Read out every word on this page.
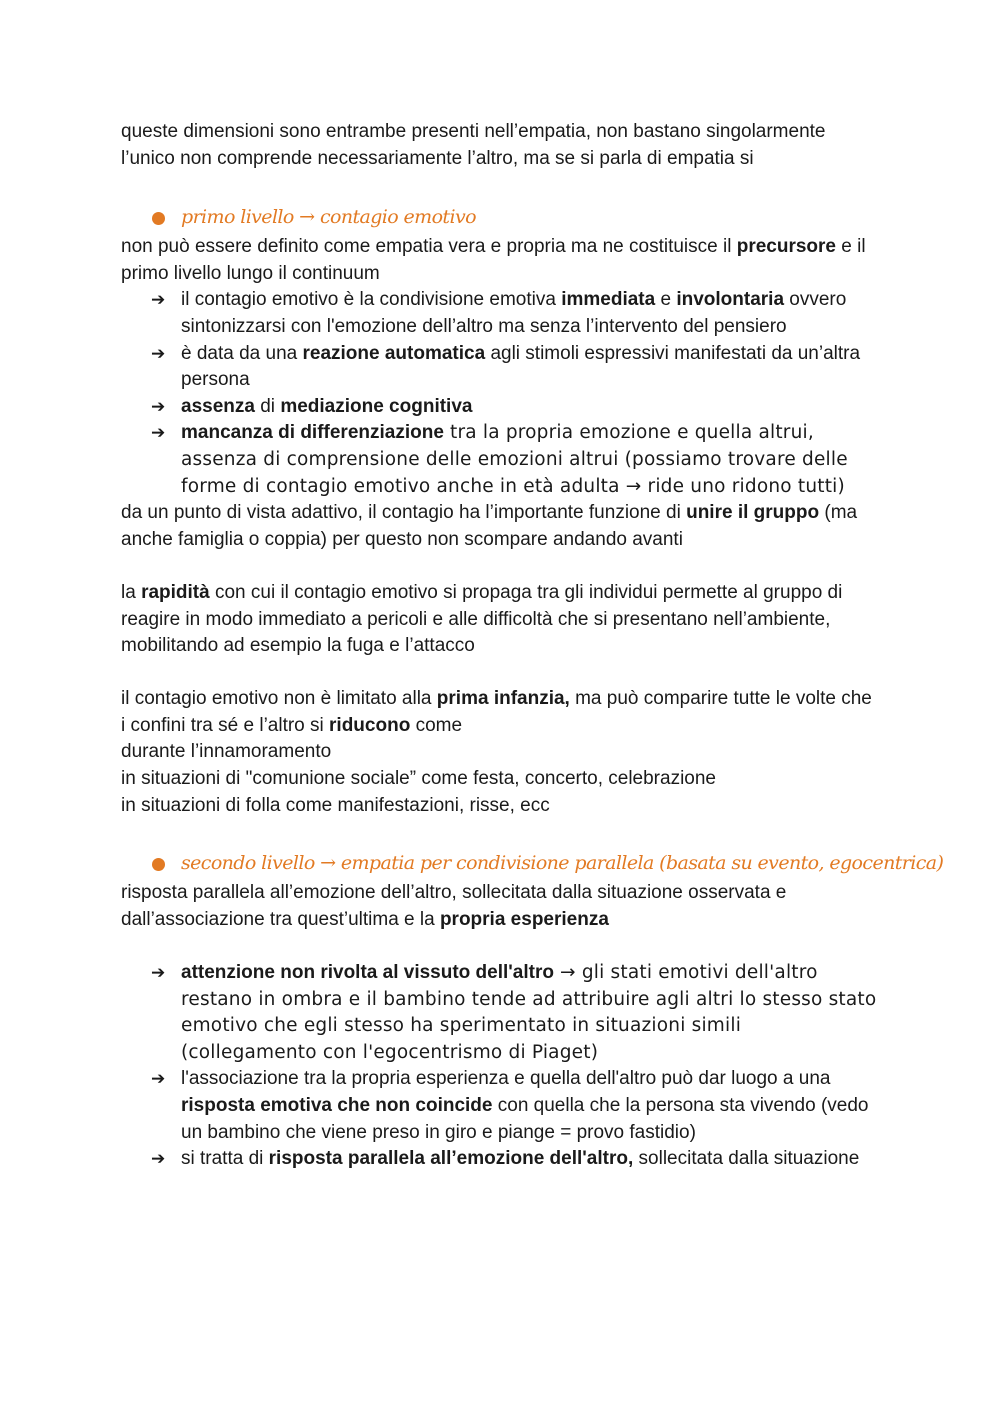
queste dimensioni sono entrambe presenti nell’empatia, non bastano singolarmente

l’unico non comprende necessariamente l’altro, ma se si parla di empatia si

primo livello → contagio emotivo

non può essere definito come empatia vera e propria ma ne costituisce il precursore e il primo livello lungo il continuum

➔ il contagio emotivo è la condivisione emotiva immediata e involontaria ovvero sintonizzarsi con l'emozione dell’altro ma senza l’intervento del pensiero
➔ è data da una reazione automatica agli stimoli espressivi manifestati da un’altra persona
➔ assenza di mediazione cognitiva
➔ mancanza di differenziazione tra la propria emozione e quella altrui, assenza di comprensione delle emozioni altrui (possiamo trovare delle forme di contagio emotivo anche in età adulta → ride uno ridono tutti)

da un punto di vista adattivo, il contagio ha l’importante funzione di unire il gruppo (ma anche famiglia o coppia) per questo non scompare andando avanti

la rapidità con cui il contagio emotivo si propaga tra gli individui permette al gruppo di reagire in modo immediato a pericoli e alle difficoltà che si presentano nell’ambiente, mobilitando ad esempio la fuga e l’attacco

il contagio emotivo non è limitato alla prima infanzia, ma può comparire tutte le volte che i confini tra sé e l’altro si riducono come

durante l’innamoramento

in situazioni di "comunione sociale” come festa, concerto, celebrazione

in situazioni di folla come manifestazioni, risse, ecc

secondo livello → empatia per condivisione parallela (basata su evento, egocentrica)

risposta parallela all’emozione dell’altro, sollecitata dalla situazione osservata e dall’associazione tra quest’ultima e la propria esperienza

➔ attenzione non rivolta al vissuto dell'altro → gli stati emotivi dell'altro restano in ombra e il bambino tende ad attribuire agli altri lo stesso stato emotivo che egli stesso ha sperimentato in situazioni simili (collegamento con l'egocentrismo di Piaget)
➔ l'associazione tra la propria esperienza e quella dell'altro può dar luogo a una risposta emotiva che non coincide con quella che la persona sta vivendo (vedo un bambino che viene preso in giro e piange = provo fastidio)
➔ si tratta di risposta parallela all’emozione dell'altro, sollecitata dalla situazione
